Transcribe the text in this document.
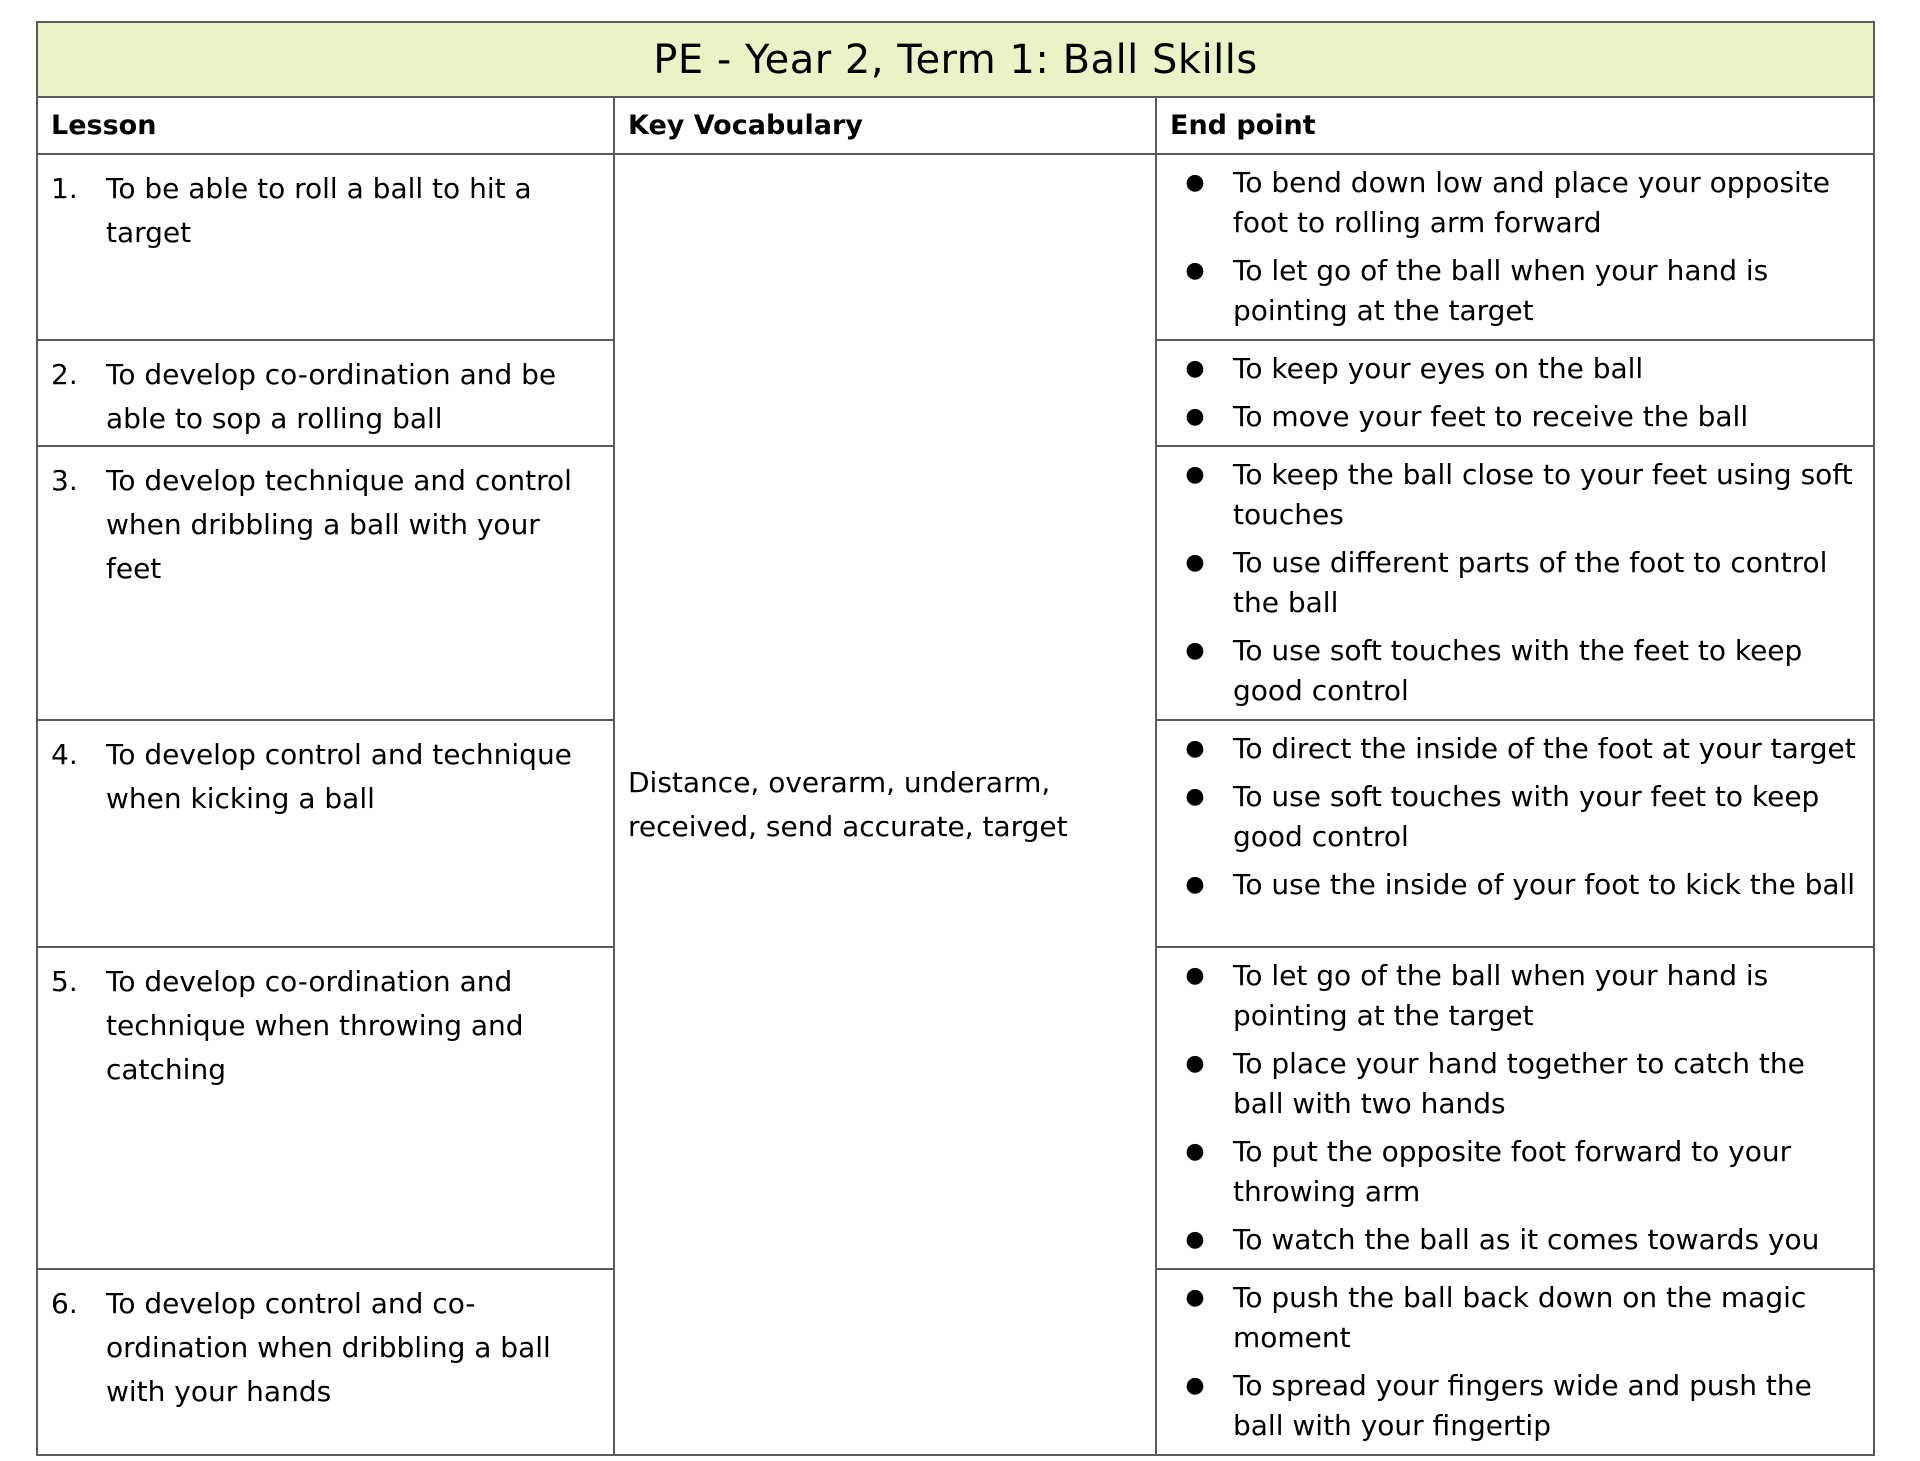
PE - Year 2, Term 1: Ball Skills		
Lesson	Key Vocabulary	End point

1.	To be able to roll a ball to hit a target
	Distance, overarm, underarm, received, send accurate, target	
●	To bend down low and place your opposite foot to rolling arm forward
●	To let go of the ball when your hand is pointing at the target

2.	To develop co-ordination and be able to sop a rolling ball

●	To keep your eyes on the ball
●	To move your feet to receive the ball

3.	To develop technique and control when dribbling a ball with your feet

●	To keep the ball close to your feet using soft touches
●	To use different parts of the foot to control the ball
●	To use soft touches with the feet to keep good control

4.	To develop control and technique when kicking a ball

●	To direct the inside of the foot at your target
●	To use soft touches with your feet to keep good control
●	To use the inside of your foot to kick the ball

5.	To develop co-ordination and technique when throwing and catching

●	To let go of the ball when your hand is pointing at the target
●	To place your hand together to catch the ball with two hands
●	To put the opposite foot forward to your throwing arm
●	To watch the ball as it comes towards you

6.	To develop control and co-ordination when dribbling a ball with your hands

●	To push the ball back down on the magic moment
●	To spread your fingers wide and push the ball with your fingertip
